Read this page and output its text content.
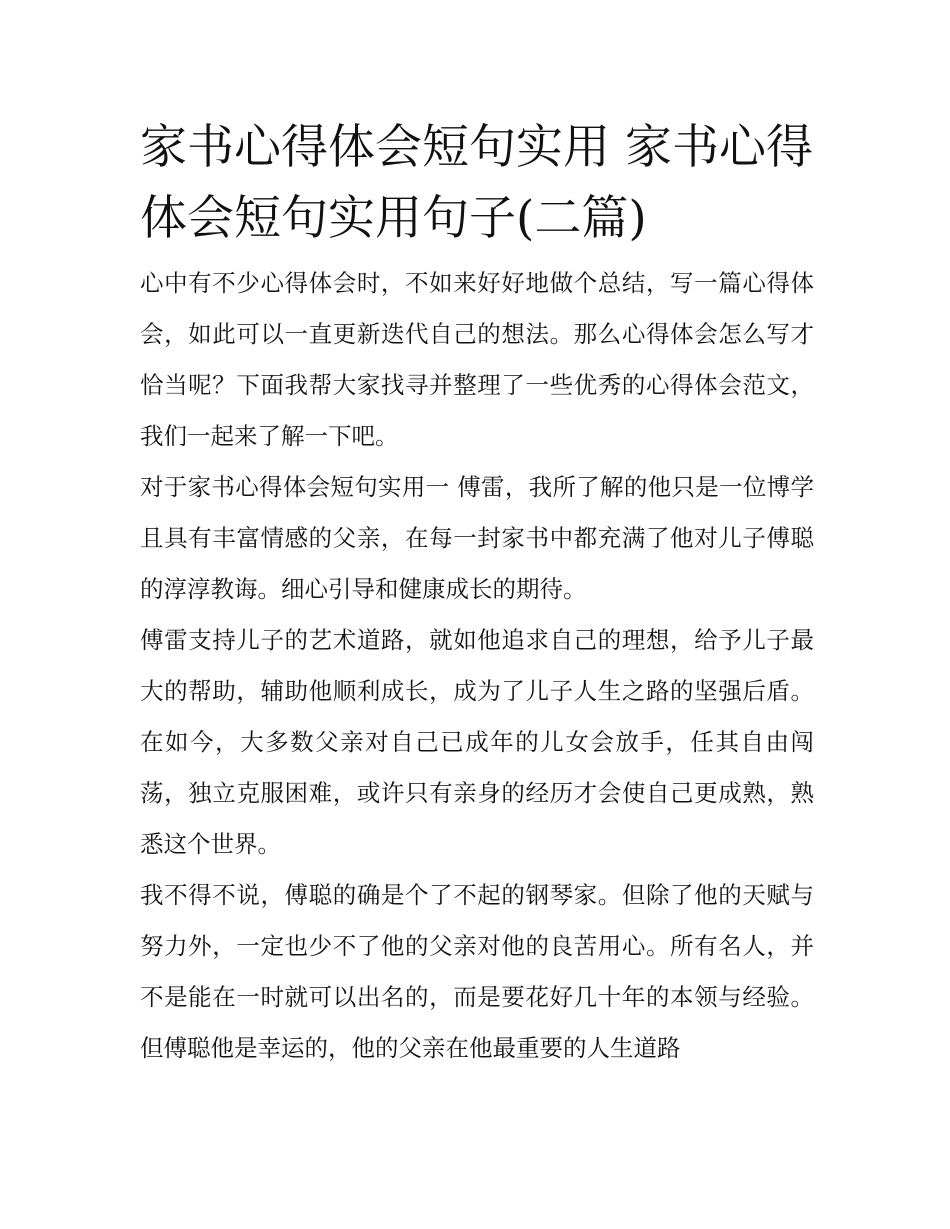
家书心得体会短句实用 家书心得体会短句实用句子(二篇)

心中有不少心得体会时，不如来好好地做个总结，写一篇心得体会，如此可以一直更新迭代自己的想法。那么心得体会怎么写才恰当呢？下面我帮大家找寻并整理了一些优秀的心得体会范文，我们一起来了解一下吧。

对于家书心得体会短句实用一 傅雷，我所了解的他只是一位博学且具有丰富情感的父亲，在每一封家书中都充满了他对儿子傅聪的淳淳教诲。细心引导和健康成长的期待。

傅雷支持儿子的艺术道路，就如他追求自己的理想，给予儿子最大的帮助，辅助他顺利成长，成为了儿子人生之路的坚强后盾。在如今，大多数父亲对自己已成年的儿女会放手，任其自由闯荡，独立克服困难，或许只有亲身的经历才会使自己更成熟，熟悉这个世界。

我不得不说，傅聪的确是个了不起的钢琴家。但除了他的天赋与努力外，一定也少不了他的父亲对他的良苦用心。所有名人，并不是能在一时就可以出名的，而是要花好几十年的本领与经验。但傅聪他是幸运的，他的父亲在他最重要的人生道路
